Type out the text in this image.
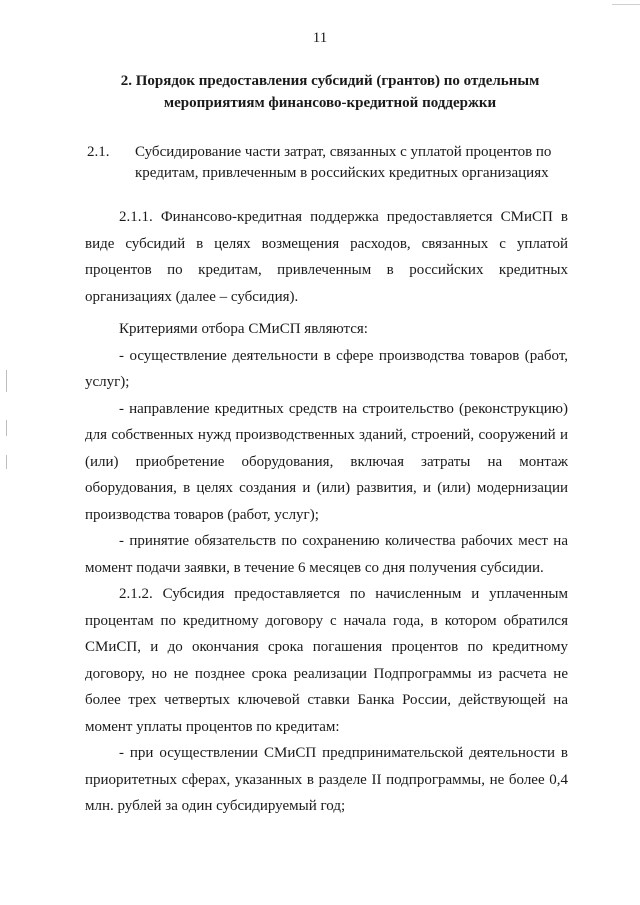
11
2. Порядок предоставления субсидий (грантов) по отдельным
мероприятиям финансово-кредитной поддержки
2.1. Субсидирование части затрат, связанных с уплатой процентов по кредитам, привлеченным в российских кредитных организациях

2.1.1. Финансово-кредитная поддержка предоставляется СМиСП в виде субсидий в целях возмещения расходов, связанных с уплатой процентов по кредитам, привлеченным в российских кредитных организациях (далее – субсидия).

Критериями отбора СМиСП являются:

- осуществление деятельности в сфере производства товаров (работ, услуг);

- направление кредитных средств на строительство (реконструкцию) для собственных нужд производственных зданий, строений, сооружений и (или) приобретение оборудования, включая затраты на монтаж оборудования, в целях создания и (или) развития, и (или) модернизации производства товаров (работ, услуг);

- принятие обязательств по сохранению количества рабочих мест на момент подачи заявки, в течение 6 месяцев со дня получения субсидии.

2.1.2. Субсидия предоставляется по начисленным и уплаченным процентам по кредитному договору с начала года, в котором обратился СМиСП, и до окончания срока погашения процентов по кредитному договору, но не позднее срока реализации Подпрограммы из расчета не более трех четвертых ключевой ставки Банка России, действующей на момент уплаты процентов по кредитам:

- при осуществлении СМиСП предпринимательской деятельности в приоритетных сферах, указанных в разделе II подпрограммы, не более 0,4 млн. рублей за один субсидируемый год;
